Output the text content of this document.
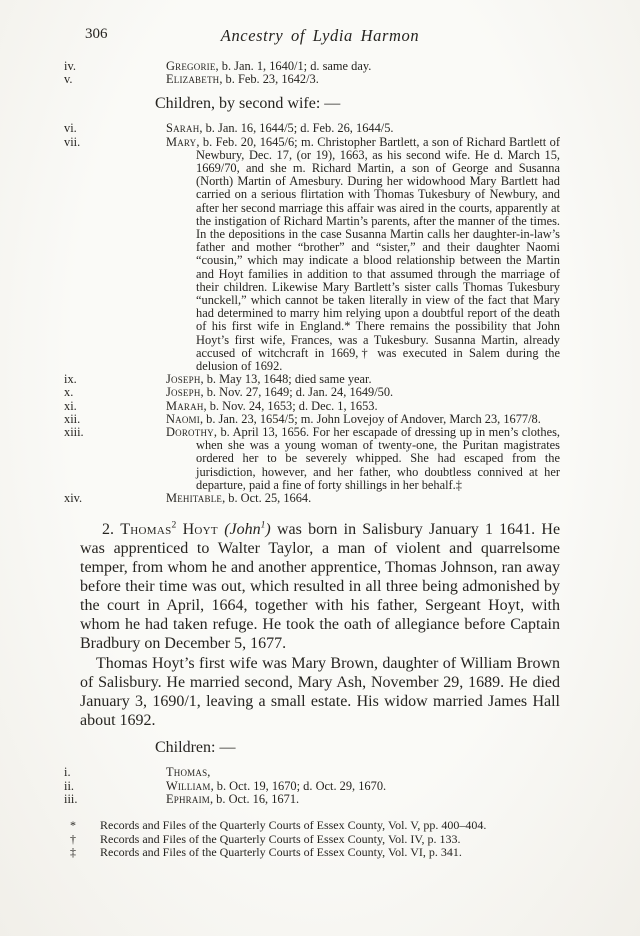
306	Ancestry of Lydia Harmon
iv.	Gregorie, b. Jan. 1, 1640/1; d. same day.
v.	Elizabeth, b. Feb. 23, 1642/3.

Children, by second wife: —

vi.	Sarah, b. Jan. 16, 1644/5; d. Feb. 26, 1644/5.
vii.	Mary, b. Feb. 20, 1645/6; m. Christopher Bartlett, a son of Richard Bartlett of Newbury, Dec. 17, (or 19), 1663, as his second wife. He d. March 15, 1669/70, and she m. Richard Martin, a son of George and Susanna (North) Martin of Amesbury. During her widowhood Mary Bartlett had carried on a serious flirtation with Thomas Tukesbury of Newbury, and after her second marriage this affair was aired in the courts, apparently at the instigation of Richard Martin’s parents, after the manner of the times. In the depositions in the case Susanna Martin calls her daughter-in-law’s father and mother “brother” and “sister,” and their daughter Naomi “cousin,” which may indicate a blood relationship between the Martin and Hoyt families in addition to that assumed through the marriage of their children. Likewise Mary Bartlett’s sister calls Thomas Tukesbury “unckell,” which cannot be taken literally in view of the fact that Mary had determined to marry him relying upon a doubtful report of the death of his first wife in England.* There remains the possibility that John Hoyt’s first wife, Frances, was a Tukesbury. Susanna Martin, already accused of witchcraft in 1669,† was executed in Salem during the delusion of 1692.
ix.	Joseph, b. May 13, 1648; died same year.
x.	Joseph, b. Nov. 27, 1649; d. Jan. 24, 1649/50.
xi.	Marah, b. Nov. 24, 1653; d. Dec. 1, 1653.
xii.	Naomi, b. Jan. 23, 1654/5; m. John Lovejoy of Andover, March 23, 1677/8.
xiii.	Dorothy, b. April 13, 1656. For her escapade of dressing up in men’s clothes, when she was a young woman of twenty-one, the Puritan magistrates ordered her to be severely whipped. She had escaped from the jurisdiction, however, and her father, who doubtless connived at her departure, paid a fine of forty shillings in her behalf.‡
xiv.	Mehitable, b. Oct. 25, 1664.

2. Thomas$^2$ Hoyt (John$^1$) was born in Salisbury January 1 1641. He was apprenticed to Walter Taylor, a man of violent and quarrelsome temper, from whom he and another apprentice, Thomas Johnson, ran away before their time was out, which resulted in all three being admonished by the court in April, 1664, together with his father, Sergeant Hoyt, with whom he had taken refuge. He took the oath of allegiance before Captain Bradbury on December 5, 1677.

Thomas Hoyt’s first wife was Mary Brown, daughter of William Brown of Salisbury. He married second, Mary Ash, November 29, 1689. He died January 3, 1690/1, leaving a small estate. His widow married James Hall about 1692.

Children: —

i.	Thomas,
ii.	William, b. Oct. 19, 1670; d. Oct. 29, 1670.
iii.	Ephraim, b. Oct. 16, 1671.
* Records and Files of the Quarterly Courts of Essex County, Vol. V, pp. 400–404.
† Records and Files of the Quarterly Courts of Essex County, Vol. IV, p. 133.
‡ Records and Files of the Quarterly Courts of Essex County, Vol. VI, p. 341.
